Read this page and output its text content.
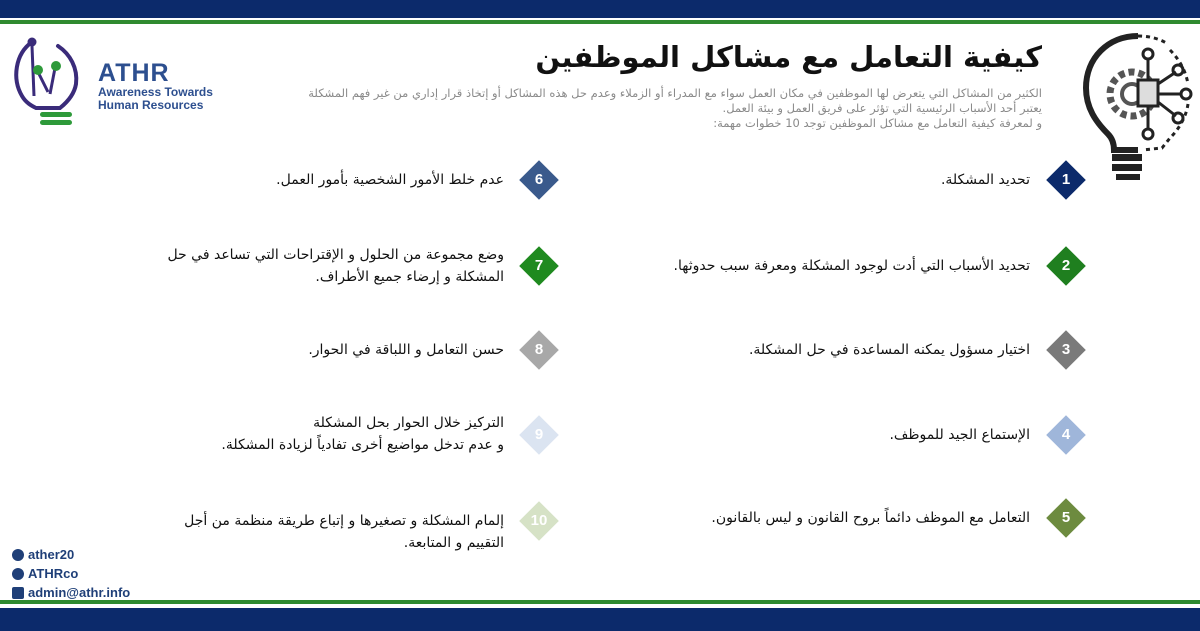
ATHR
Awareness Towards
Human Resources
كيفية التعامل مع مشاكل الموظفين
الكثير من المشاكل التي يتعرض لها الموظفين في مكان العمل سواء مع المدراء أو الزملاء وعدم حل هذه المشاكل أو إتخاذ قرار إداري من غير فهم المشكلة
يعتبر أحد الأسباب الرئيسية التي تؤثر على فريق العمل و بيئة العمل.
و لمعرفة كيفية التعامل مع مشاكل الموظفين توجد 10 خطوات مهمة:
1
تحديد المشكلة.
2
تحديد الأسباب التي أدت لوجود المشكلة ومعرفة سبب حدوثها.
3
اختيار مسؤول يمكنه المساعدة في حل المشكلة.
4
الإستماع الجيد للموظف.
5
التعامل مع الموظف دائماً بروح القانون و ليس بالقانون.
6
عدم خلط الأمور الشخصية بأمور العمل.
7
وضع مجموعة من الحلول و الإقتراحات التي تساعد في حل
المشكلة و إرضاء جميع الأطراف.
8
حسن التعامل و اللباقة في الحوار.
9
التركيز خلال الحوار بحل المشكلة
و عدم تدخل مواضيع أخرى تفادياً لزيادة المشكلة.
10
إلمام المشكلة و تصغيرها و إتباع طريقة منظمة من أجل
التقييم و المتابعة.
ather20
ATHRco
admin@athr.info
